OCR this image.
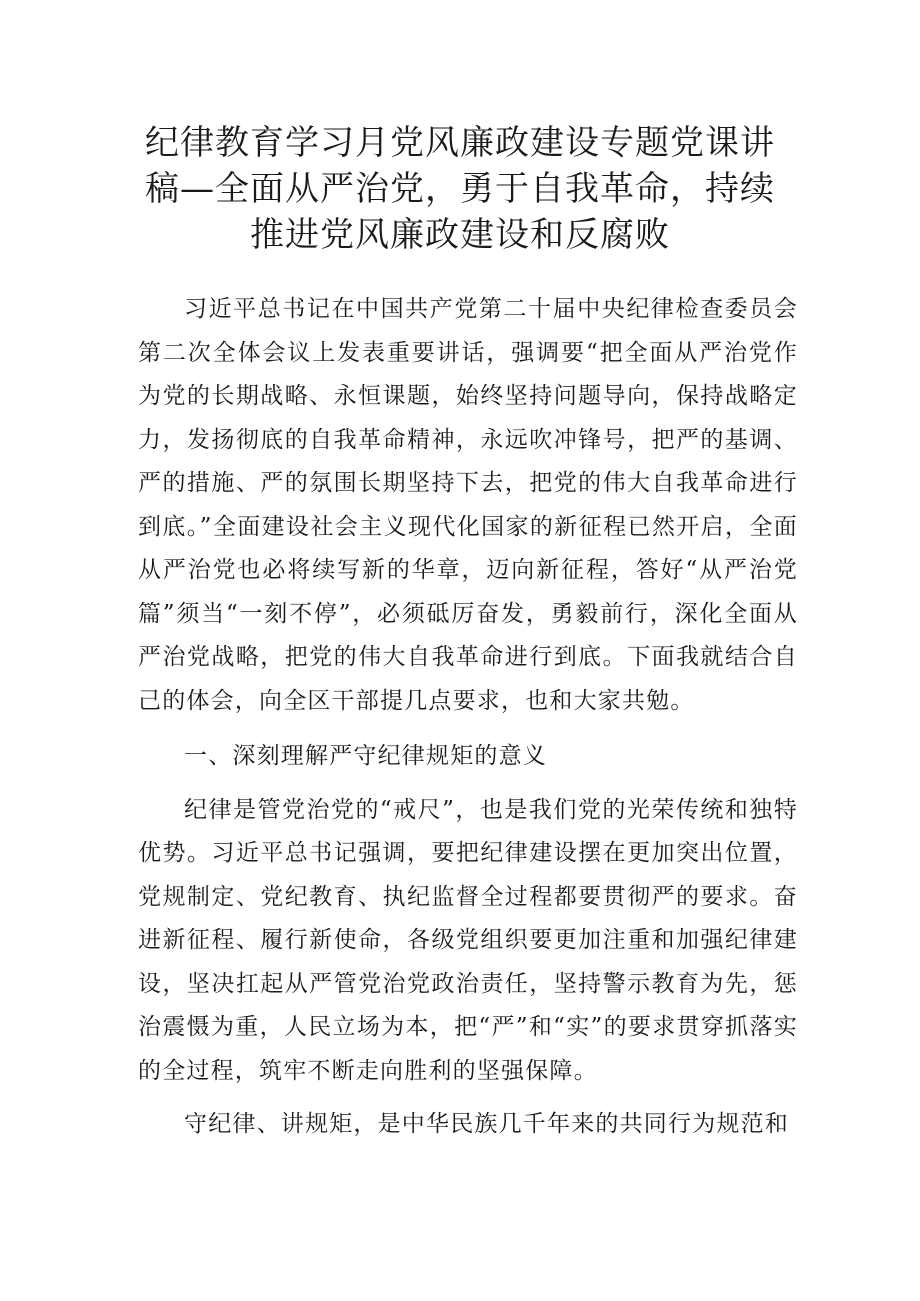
纪律教育学习月党风廉政建设专题党课讲
稿—全面从严治党，勇于自我革命，持续
推进党风廉政建设和反腐败

习近平总书记在中国共产党第二十届中央纪律检查委员会第二次全体会议上发表重要讲话，强调要“把全面从严治党作为党的长期战略、永恒课题，始终坚持问题导向，保持战略定力，发扬彻底的自我革命精神，永远吹冲锋号，把严的基调、严的措施、严的氛围长期坚持下去，把党的伟大自我革命进行到底。”全面建设社会主义现代化国家的新征程已然开启，全面从严治党也必将续写新的华章，迈向新征程，答好“从严治党篇”须当“一刻不停”，必须砥厉奋发，勇毅前行，深化全面从严治党战略，把党的伟大自我革命进行到底。下面我就结合自己的体会，向全区干部提几点要求，也和大家共勉。

一、深刻理解严守纪律规矩的意义

纪律是管党治党的“戒尺”，也是我们党的光荣传统和独特优势。习近平总书记强调，要把纪律建设摆在更加突出位置，党规制定、党纪教育、执纪监督全过程都要贯彻严的要求。奋进新征程、履行新使命，各级党组织要更加注重和加强纪律建设，坚决扛起从严管党治党政治责任，坚持警示教育为先，惩治震慑为重，人民立场为本，把“严”和“实”的要求贯穿抓落实的全过程，筑牢不断走向胜利的坚强保障。

守纪律、讲规矩，是中华民族几千年来的共同行为规范和
